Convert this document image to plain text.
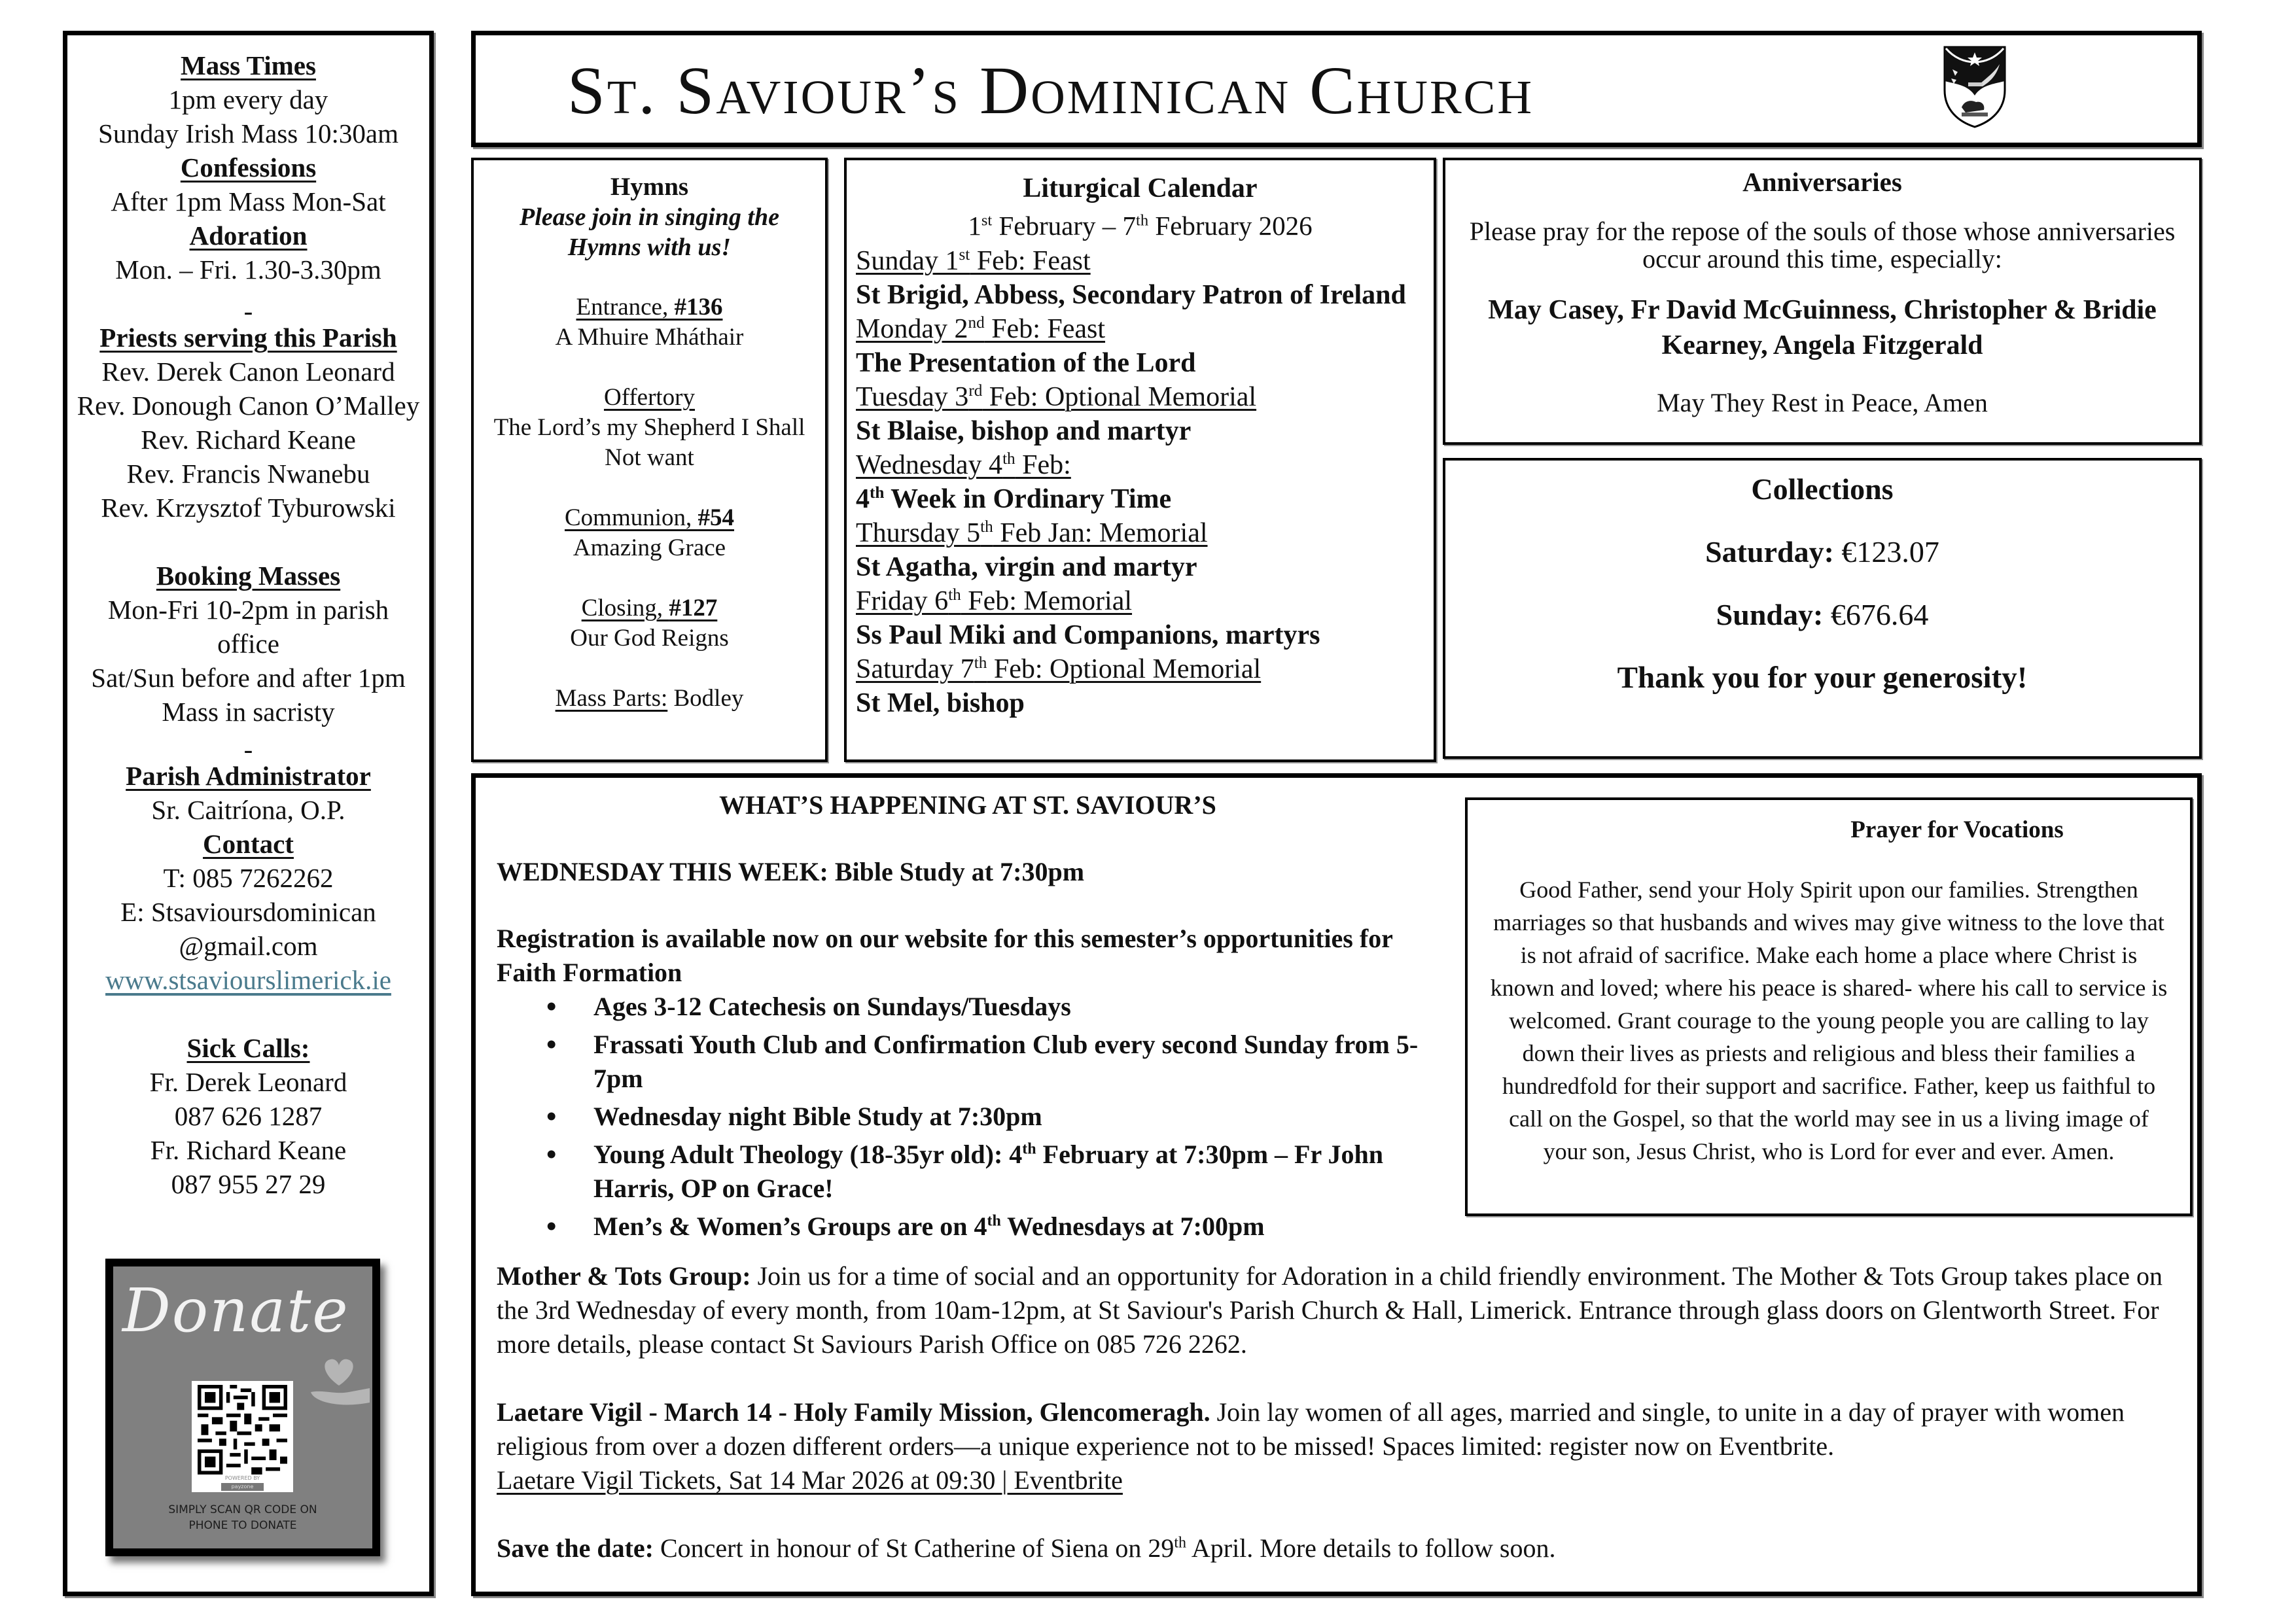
Mass Times
1pm every day
Sunday Irish Mass 10:30am
Confessions
After 1pm Mass Mon-Sat
Adoration
Mon. – Fri. 1.30-3.30pm
-
Priests serving this Parish
Rev. Derek Canon Leonard
Rev. Donough Canon O’Malley
Rev. Richard Keane
Rev. Francis Nwanebu
Rev. Krzysztof Tyburowski
Booking Masses
Mon-Fri 10-2pm in parish office
Sat/Sun before and after 1pm Mass in sacristy
-
Parish Administrator
Sr. Caitríona, O.P.
Contact
T: 085 7262262
E: Stsavioursdominican
@gmail.com
www.stsaviourslimerick.ie
Sick Calls:
Fr. Derek Leonard
087 626 1287
Fr. Richard Keane
087 955 27 29
Donate
POWERED BY
payzone
SIMPLY SCAN QR CODE ON
PHONE TO DONATE
St. Saviour’s Dominican Church
Hymns
Please join in singing the Hymns with us!
Entrance, #136
A Mhuire Mháthair
Offertory
The Lord’s my Shepherd I Shall Not want
Communion, #54
Amazing Grace
Closing, #127
Our God Reigns
Mass Parts: Bodley
Liturgical Calendar
1st February – 7th February 2026
Sunday 1st Feb: Feast
St Brigid, Abbess, Secondary Patron of Ireland
Monday 2nd Feb: Feast
The Presentation of the Lord
Tuesday 3rd Feb: Optional Memorial
St Blaise, bishop and martyr
Wednesday 4th Feb:
4th Week in Ordinary Time
Thursday 5th Feb Jan: Memorial
St Agatha, virgin and martyr
Friday 6th Feb: Memorial
Ss Paul Miki and Companions, martyrs
Saturday 7th Feb: Optional Memorial
St Mel, bishop
Anniversaries
Please pray for the repose of the souls of those whose anniversaries occur around this time, especially:
May Casey, Fr David McGuinness, Christopher & Bridie Kearney, Angela Fitzgerald
May They Rest in Peace, Amen
Collections
Saturday: €123.07
Sunday: €676.64
Thank you for your generosity!
WHAT’S HAPPENING AT ST. SAVIOUR’S

WEDNESDAY THIS WEEK: Bible Study at 7:30pm

Registration is available now on our website for this semester’s opportunities for Faith Formation

• Ages 3-12 Catechesis on Sundays/Tuesdays
• Frassati Youth Club and Confirmation Club every second Sunday from 5-7pm
• Wednesday night Bible Study at 7:30pm
• Young Adult Theology (18-35yr old): 4th February at 7:30pm – Fr John Harris, OP on Grace!
• Men’s & Women’s Groups are on 4th Wednesdays at 7:00pm
Prayer for Vocations
Good Father, send your Holy Spirit upon our families. Strengthen marriages so that husbands and wives may give witness to the love that is not afraid of sacrifice. Make each home a place where Christ is known and loved; where his peace is shared- where his call to service is welcomed. Grant courage to the young people you are calling to lay down their lives as priests and religious and bless their families a hundredfold for their support and sacrifice. Father, keep us faithful to call on the Gospel, so that the world may see in us a living image of your son, Jesus Christ, who is Lord for ever and ever. Amen.

Mother & Tots Group: Join us for a time of social and an opportunity for Adoration in a child friendly environment. The Mother & Tots Group takes place on the 3rd Wednesday of every month, from 10am-12pm, at St Saviour's Parish Church & Hall, Limerick. Entrance through glass doors on Glentworth Street. For more details, please contact St Saviours Parish Office on 085 726 2262.

Laetare Vigil - March 14 - Holy Family Mission, Glencomeragh. Join lay women of all ages, married and single, to unite in a day of prayer with women religious from over a dozen different orders—a unique experience not to be missed! Spaces limited: register now on Eventbrite.
Laetare Vigil Tickets, Sat 14 Mar 2026 at 09:30 | Eventbrite

Save the date: Concert in honour of St Catherine of Siena on 29th April. More details to follow soon.
